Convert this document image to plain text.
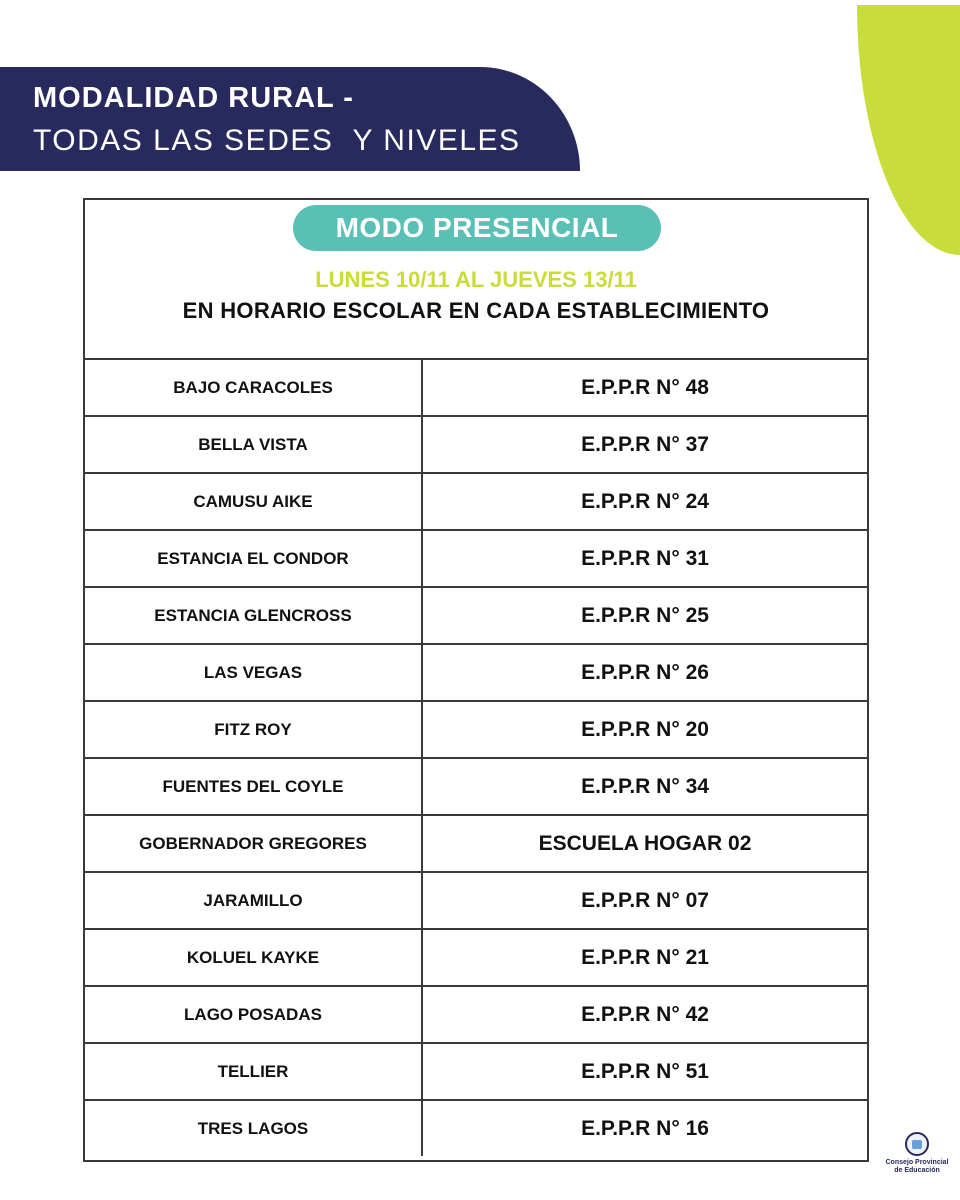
MODALIDAD RURAL -
TODAS LAS SEDES  Y NIVELES
MODO PRESENCIAL
LUNES 10/11 AL JUEVES 13/11
EN HORARIO ESCOLAR EN CADA ESTABLECIMIENTO
BAJO CARACOLES	E.P.P.R N° 48
BELLA VISTA	E.P.P.R N° 37
CAMUSU AIKE	E.P.P.R N° 24
ESTANCIA EL CONDOR	E.P.P.R N° 31
ESTANCIA GLENCROSS	E.P.P.R N° 25
LAS VEGAS	E.P.P.R N° 26
FITZ ROY	E.P.P.R N° 20
FUENTES DEL COYLE	E.P.P.R N° 34
GOBERNADOR GREGORES	ESCUELA HOGAR 02
JARAMILLO	E.P.P.R N° 07
KOLUEL KAYKE	E.P.P.R N° 21
LAGO POSADAS	E.P.P.R N° 42
TELLIER	E.P.P.R N° 51
TRES LAGOS	E.P.P.R N° 16
Consejo Provincial de Educación
